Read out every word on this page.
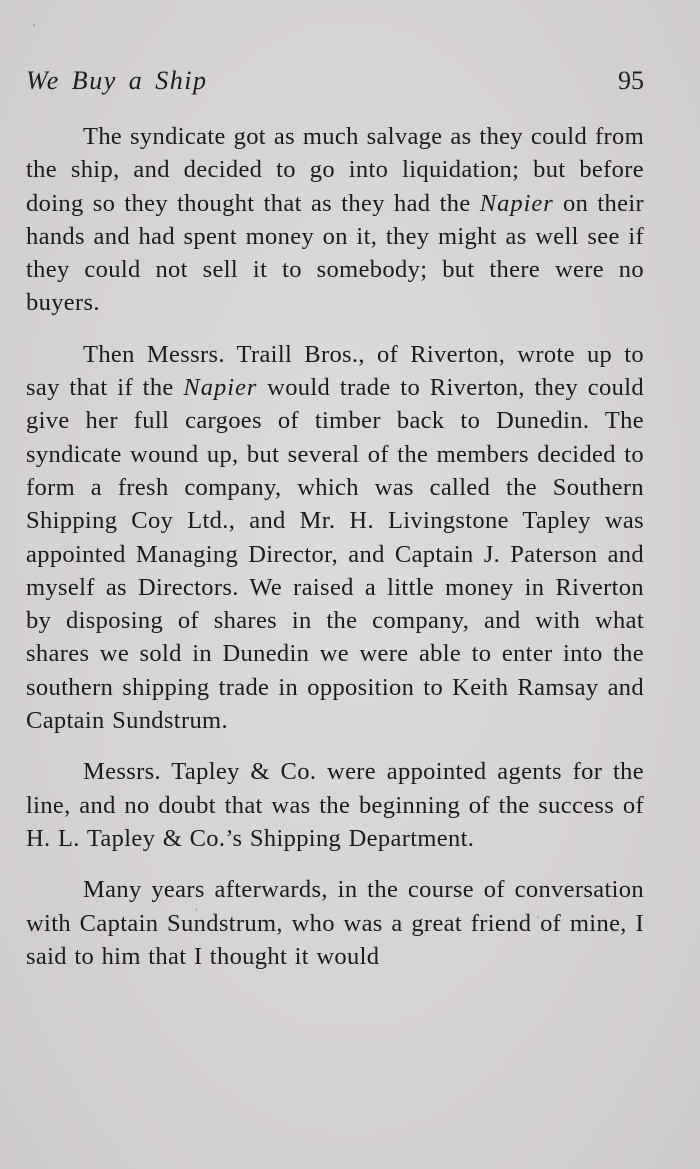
We Buy a Ship	95

The syndicate got as much salvage as they could from the ship, and decided to go into liquidation; but before doing so they thought that as they had the Napier on their hands and had spent money on it, they might as well see if they could not sell it to somebody; but there were no buyers.

Then Messrs. Traill Bros., of Riverton, wrote up to say that if the Napier would trade to Riverton, they could give her full cargoes of timber back to Dunedin. The syndicate wound up, but several of the members decided to form a fresh company, which was called the Southern Shipping Coy Ltd., and Mr. H. Livingstone Tapley was appointed Managing Director, and Captain J. Paterson and myself as Directors. We raised a little money in Riverton by disposing of shares in the company, and with what shares we sold in Dunedin we were able to enter into the southern shipping trade in opposition to Keith Ramsay and Captain Sundstrum.

Messrs. Tapley & Co. were appointed agents for the line, and no doubt that was the beginning of the success of H. L. Tapley & Co.’s Shipping Department.

Many years afterwards, in the course of conversation with Captain Sundstrum, who was a great friend of mine, I said to him that I thought it would
